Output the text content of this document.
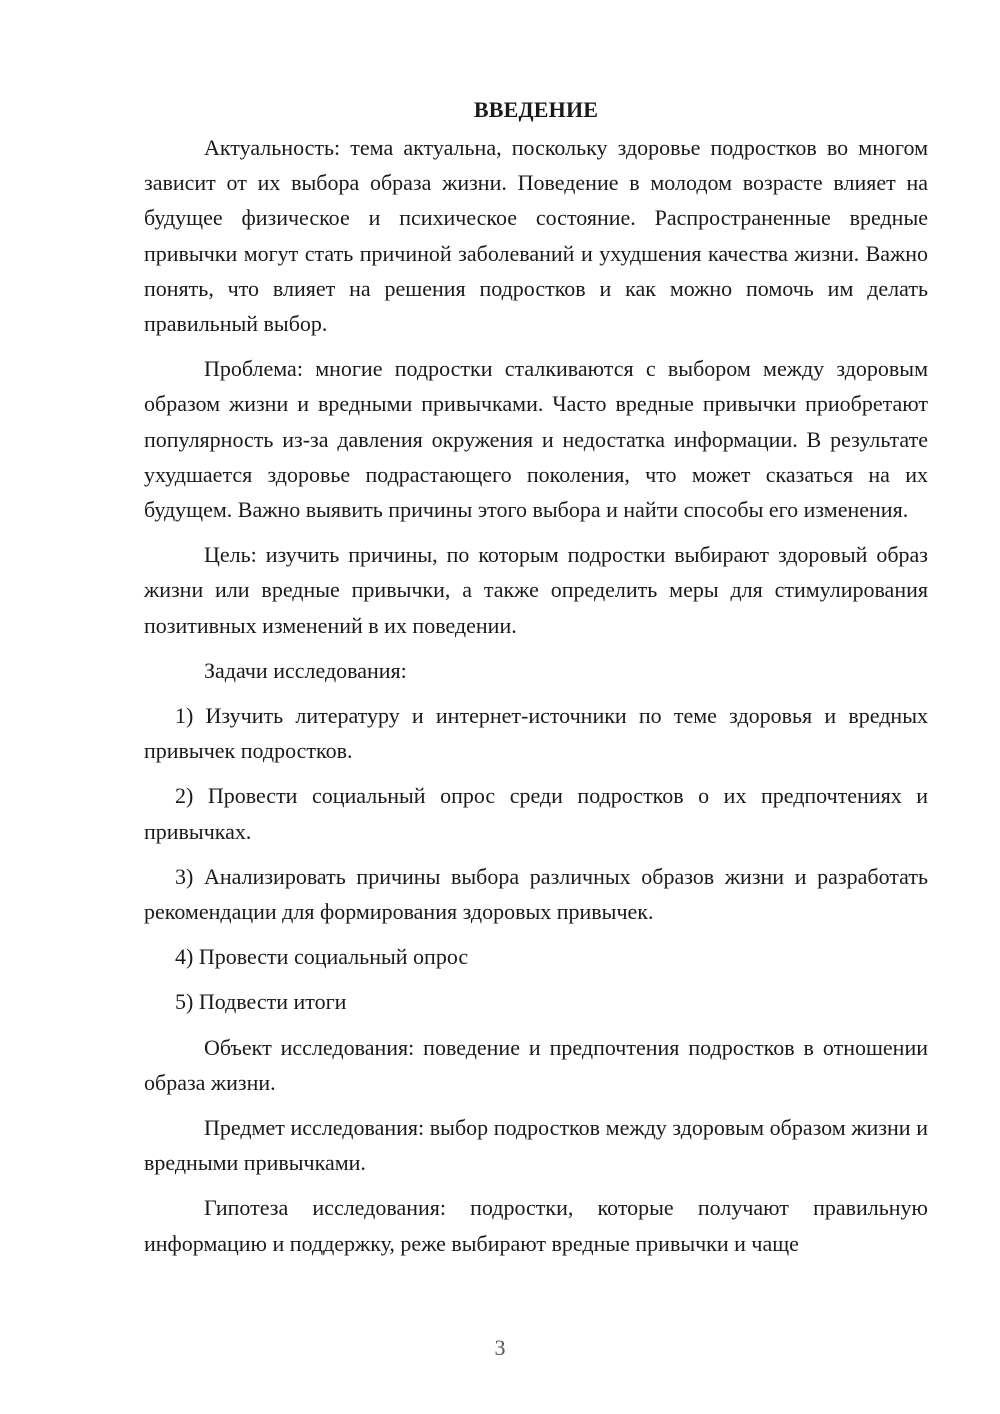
ВВЕДЕНИЕ

Актуальность: тема актуальна, поскольку здоровье подростков во многом зависит от их выбора образа жизни. Поведение в молодом возрасте влияет на будущее физическое и психическое состояние. Распространенные вредные привычки могут стать причиной заболеваний и ухудшения качества жизни. Важно понять, что влияет на решения подростков и как можно помочь им делать правильный выбор.

Проблема: многие подростки сталкиваются с выбором между здоровым образом жизни и вредными привычками. Часто вредные привычки приобретают популярность из-за давления окружения и недостатка информации. В результате ухудшается здоровье подрастающего поколения, что может сказаться на их будущем. Важно выявить причины этого выбора и найти способы его изменения.

Цель: изучить причины, по которым подростки выбирают здоровый образ жизни или вредные привычки, а также определить меры для стимулирования позитивных изменений в их поведении.

Задачи исследования:

1) Изучить литературу и интернет-источники по теме здоровья и вредных привычек подростков.

2) Провести социальный опрос среди подростков о их предпочтениях и привычках.

3) Анализировать причины выбора различных образов жизни и разработать рекомендации для формирования здоровых привычек.

4) Провести социальный опрос

5) Подвести итоги

Объект исследования: поведение и предпочтения подростков в отношении образа жизни.

Предмет исследования: выбор подростков между здоровым образом жизни и вредными привычками.

Гипотеза исследования: подростки, которые получают правильную информацию и поддержку, реже выбирают вредные привычки и чаще

3
